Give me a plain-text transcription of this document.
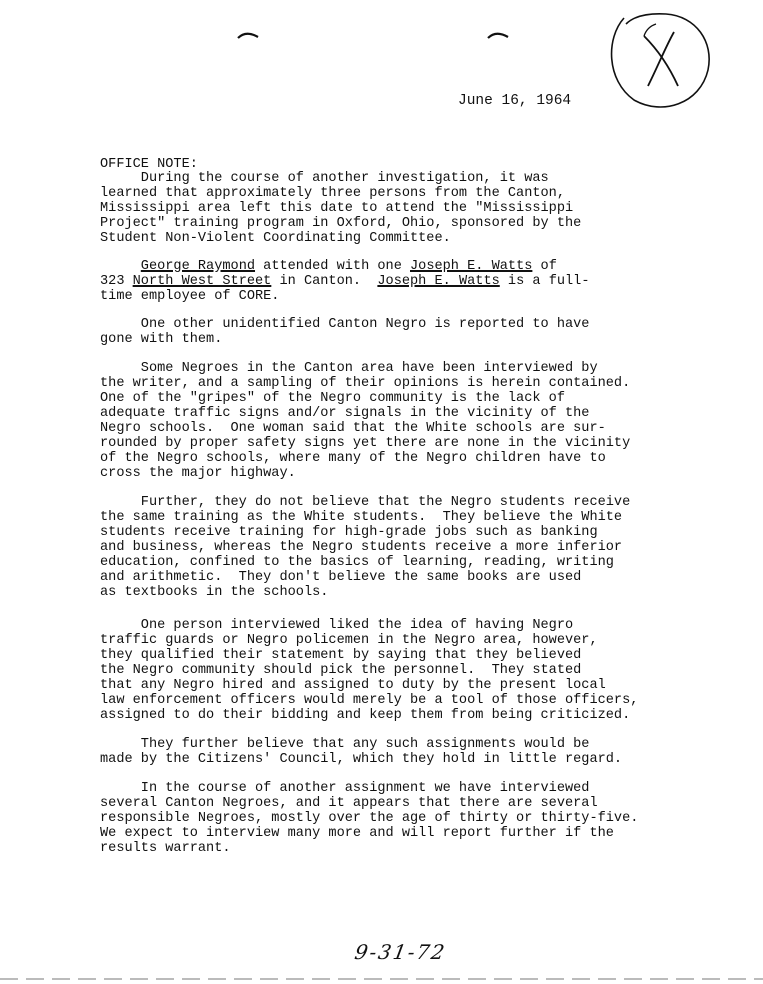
June 16, 1964
OFFICE NOTE:
During the course of another investigation, it was
learned that approximately three persons from the Canton,
Mississippi area left this date to attend the "Mississippi
Project" training program in Oxford, Ohio, sponsored by the
Student Non-Violent Coordinating Committee.
George Raymond attended with one Joseph E. Watts of
323 North West Street in Canton.  Joseph E. Watts is a full-
time employee of CORE.
One other unidentified Canton Negro is reported to have
gone with them.
Some Negroes in the Canton area have been interviewed by
the writer, and a sampling of their opinions is herein contained.
One of the "gripes" of the Negro community is the lack of
adequate traffic signs and/or signals in the vicinity of the
Negro schools.  One woman said that the White schools are sur-
rounded by proper safety signs yet there are none in the vicinity
of the Negro schools, where many of the Negro children have to
cross the major highway.
Further, they do not believe that the Negro students receive
the same training as the White students.  They believe the White
students receive training for high-grade jobs such as banking
and business, whereas the Negro students receive a more inferior
education, confined to the basics of learning, reading, writing
and arithmetic.  They don't believe the same books are used
as textbooks in the schools.
One person interviewed liked the idea of having Negro
traffic guards or Negro policemen in the Negro area, however,
they qualified their statement by saying that they believed
the Negro community should pick the personnel.  They stated
that any Negro hired and assigned to duty by the present local
law enforcement officers would merely be a tool of those officers,
assigned to do their bidding and keep them from being criticized.
They further believe that any such assignments would be
made by the Citizens' Council, which they hold in little regard.
In the course of another assignment we have interviewed
several Canton Negroes, and it appears that there are several
responsible Negroes, mostly over the age of thirty or thirty-five.
We expect to interview many more and will report further if the
results warrant.
9-31-72
